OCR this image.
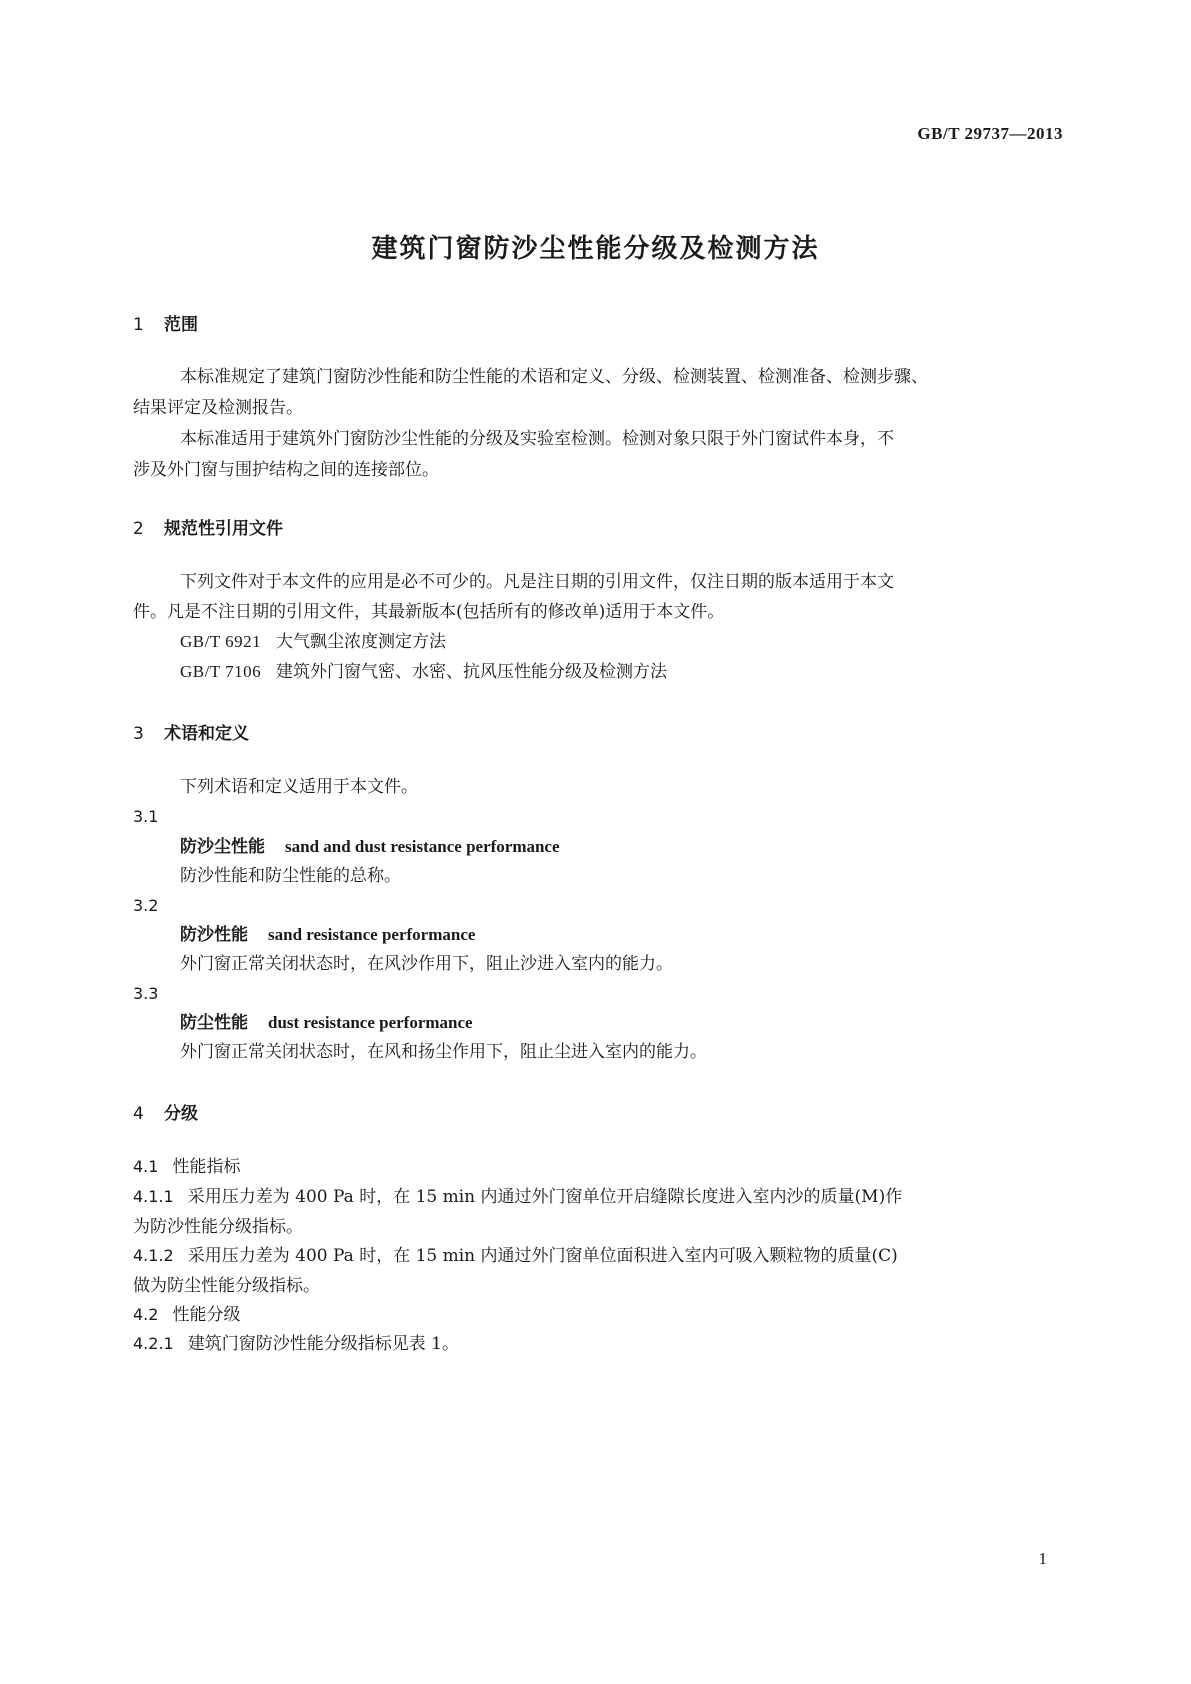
GB/T 29737—2013
建筑门窗防沙尘性能分级及检测方法
1 范围
本标准规定了建筑门窗防沙性能和防尘性能的术语和定义、分级、检测装置、检测准备、检测步骤、
结果评定及检测报告。
本标准适用于建筑外门窗防沙尘性能的分级及实验室检测。检测对象只限于外门窗试件本身，不
涉及外门窗与围护结构之间的连接部位。
2 规范性引用文件
下列文件对于本文件的应用是必不可少的。凡是注日期的引用文件，仅注日期的版本适用于本文
件。凡是不注日期的引用文件，其最新版本(包括所有的修改单)适用于本文件。
GB/T 6921 大气飘尘浓度测定方法
GB/T 7106 建筑外门窗气密、水密、抗风压性能分级及检测方法
3 术语和定义
下列术语和定义适用于本文件。
3.1
防沙尘性能 sand and dust resistance performance
防沙性能和防尘性能的总称。
3.2
防沙性能 sand resistance performance
外门窗正常关闭状态时，在风沙作用下，阻止沙进入室内的能力。
3.3
防尘性能 dust resistance performance
外门窗正常关闭状态时，在风和扬尘作用下，阻止尘进入室内的能力。
4 分级
4.1 性能指标
4.1.1 采用压力差为 400 Pa 时，在 15 min 内通过外门窗单位开启缝隙长度进入室内沙的质量(M)作
为防沙性能分级指标。
4.1.2 采用压力差为 400 Pa 时，在 15 min 内通过外门窗单位面积进入室内可吸入颗粒物的质量(C)
做为防尘性能分级指标。
4.2 性能分级
4.2.1 建筑门窗防沙性能分级指标见表 1。
1
